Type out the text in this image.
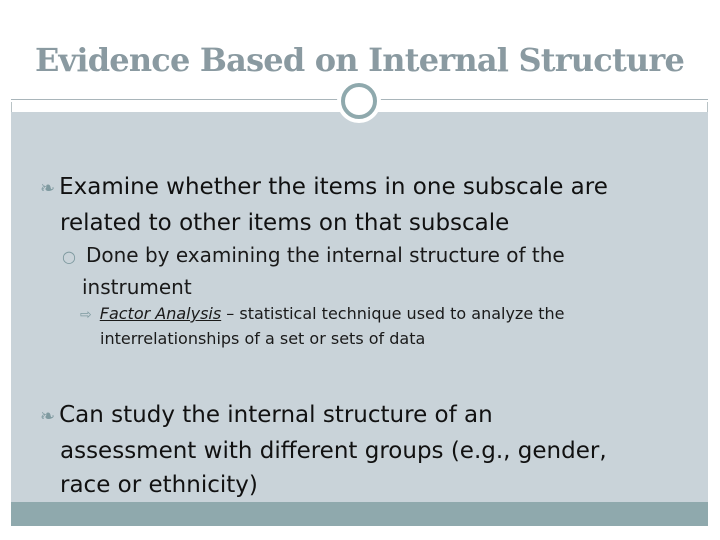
Evidence Based on Internal Structure
❧ Examine whether the items in one subscale are
related to other items on that subscale
○ Done by examining the internal structure of the
instrument
⇨ Factor Analysis – statistical technique used to analyze the
interrelationships of a set or sets of data
❧ Can study the internal structure of an
assessment with different groups (e.g., gender,
race or ethnicity)
